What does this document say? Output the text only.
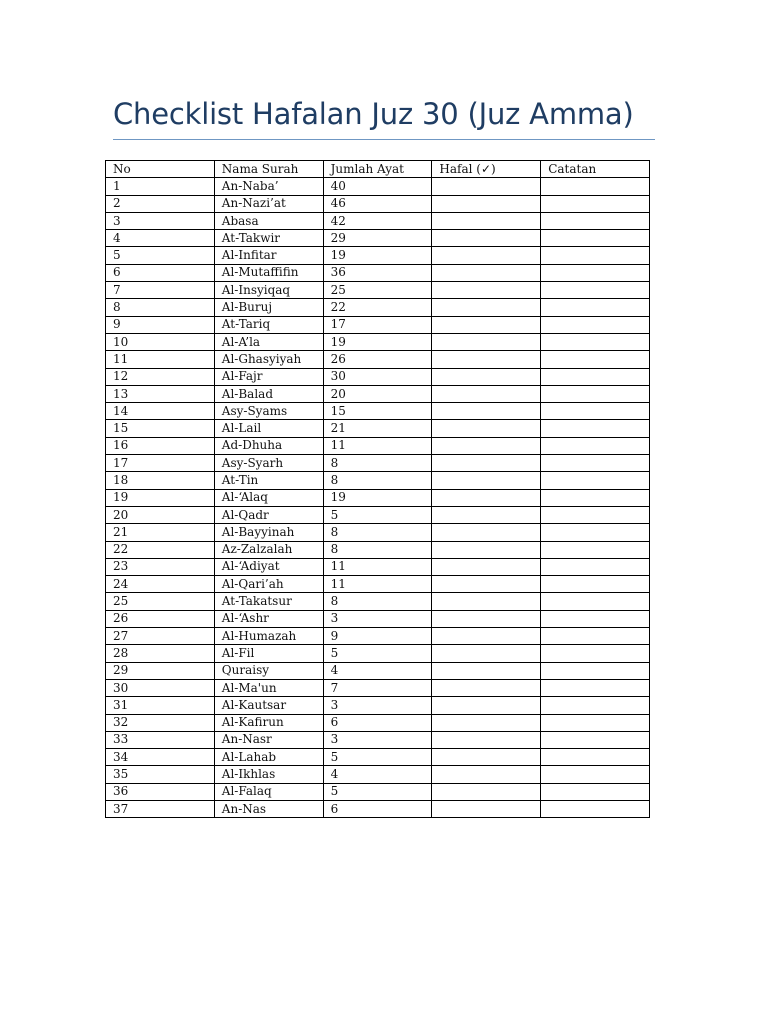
Checklist Hafalan Juz 30 (Juz Amma)
No	Nama Surah	Jumlah Ayat	Hafal (✓)	Catatan
1	An-Naba’	40		
2	An-Nazi’at	46		
3	Abasa	42		
4	At-Takwir	29		
5	Al-Infitar	19		
6	Al-Mutaffifin	36		
7	Al-Insyiqaq	25		
8	Al-Buruj	22		
9	At-Tariq	17		
10	Al-A’la	19		
11	Al-Ghasyiyah	26		
12	Al-Fajr	30		
13	Al-Balad	20		
14	Asy-Syams	15		
15	Al-Lail	21		
16	Ad-Dhuha	11		
17	Asy-Syarh	8		
18	At-Tin	8		
19	Al-‘Alaq	19		
20	Al-Qadr	5		
21	Al-Bayyinah	8		
22	Az-Zalzalah	8		
23	Al-‘Adiyat	11		
24	Al-Qari’ah	11		
25	At-Takatsur	8		
26	Al-‘Ashr	3		
27	Al-Humazah	9		
28	Al-Fil	5		
29	Quraisy	4		
30	Al-Ma'un	7		
31	Al-Kautsar	3		
32	Al-Kafirun	6		
33	An-Nasr	3		
34	Al-Lahab	5		
35	Al-Ikhlas	4		
36	Al-Falaq	5		
37	An-Nas	6		
